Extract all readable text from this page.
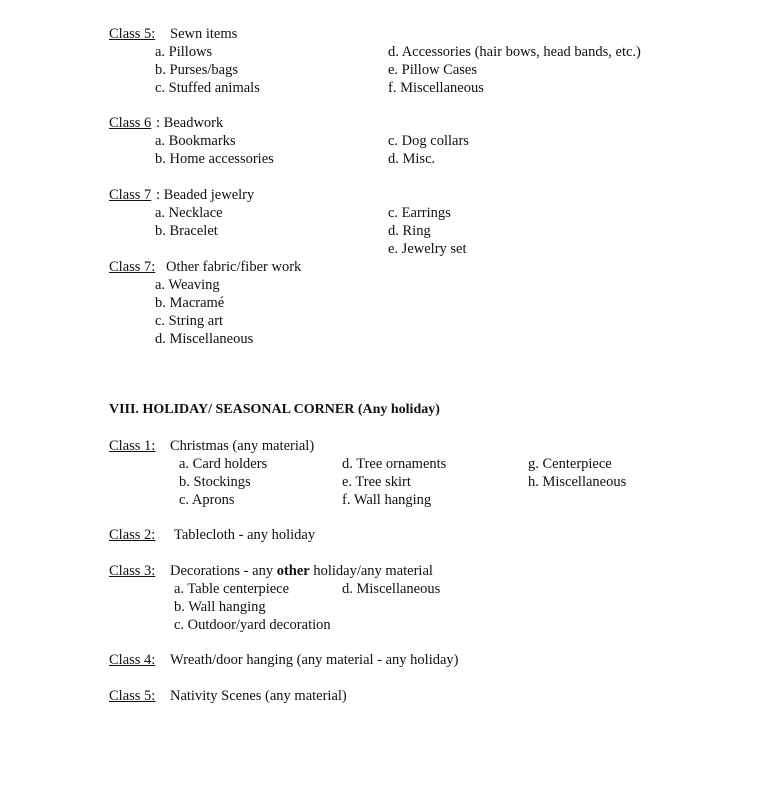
Class 5: Sewn items
a. Pillows
b. Purses/bags
c. Stuffed animals
d. Accessories (hair bows, head bands, etc.)
e. Pillow Cases
f. Miscellaneous
Class 6 : Beadwork
a. Bookmarks
b. Home accessories
c. Dog collars
d. Misc.
Class 7 : Beaded jewelry
a. Necklace
b. Bracelet
c. Earrings
d. Ring
e. Jewelry set
Class 7: Other fabric/fiber work
a. Weaving
b. Macramé
c. String art
d. Miscellaneous
VIII. HOLIDAY/ SEASONAL CORNER (Any holiday)
Class 1: Christmas (any material)
a. Card holders
b. Stockings
c. Aprons
d. Tree ornaments
e. Tree skirt
f. Wall hanging
g. Centerpiece
h. Miscellaneous
Class 2: Tablecloth - any holiday
Class 3: Decorations - any other holiday/any material
a. Table centerpiece	d. Miscellaneous
b. Wall hanging
c. Outdoor/yard decoration
Class 4: Wreath/door hanging (any material - any holiday)
Class 5: Nativity Scenes (any material)
